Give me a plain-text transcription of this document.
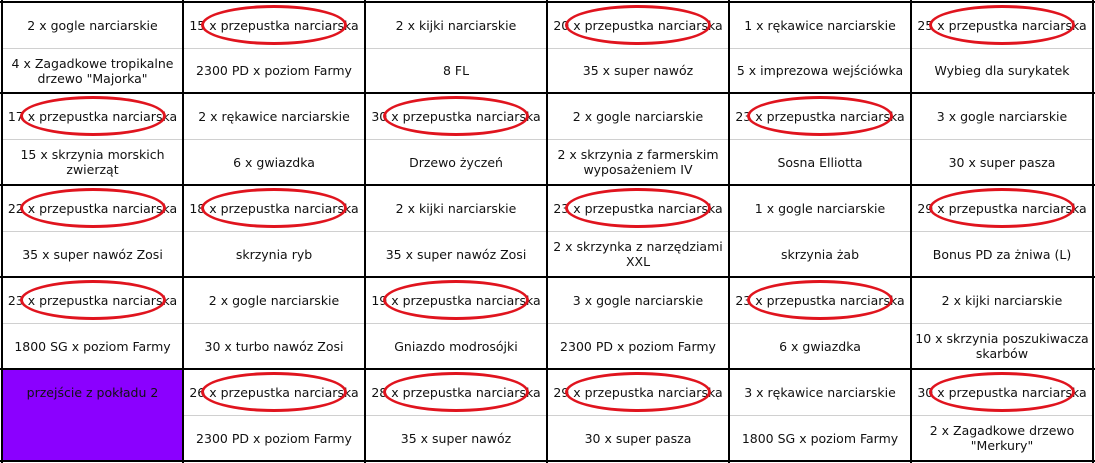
2 x gogle narciarskie
4 x Zagadkowe tropikalne drzewo "Majorka"
15 x przepustka narciarska
2300 PD x poziom Farmy
2 x kijki narciarskie
8 FL
20 x przepustka narciarska
35 x super nawóz
1 x rękawice narciarskie
5 x imprezowa wejściówka
25 x przepustka narciarska
Wybieg dla surykatek
17 x przepustka narciarska
15 x skrzynia morskich zwierząt
2 x rękawice narciarskie
6 x gwiazdka
30 x przepustka narciarska
Drzewo życzeń
2 x gogle narciarskie
2 x skrzynia z farmerskim wyposażeniem IV
23 x przepustka narciarska
Sosna Elliotta
3 x gogle narciarskie
30 x super pasza
22 x przepustka narciarska
35 x super nawóz Zosi
18 x przepustka narciarska
skrzynia ryb
2 x kijki narciarskie
35 x super nawóz Zosi
23 x przepustka narciarska
2 x skrzynka z narzędziami XXL
1 x gogle narciarskie
skrzynia żab
29 x przepustka narciarska
Bonus PD za żniwa (L)
23 x przepustka narciarska
1800 SG x poziom Farmy
2 x gogle narciarskie
30 x turbo nawóz Zosi
19 x przepustka narciarska
Gniazdo modrosójki
3 x gogle narciarskie
2300 PD x poziom Farmy
23 x przepustka narciarska
6 x gwiazdka
2 x kijki narciarskie
10 x skrzynia poszukiwacza skarbów
przejście z pokładu 2	26 x przepustka narciarska
2300 PD x poziom Farmy
28 x przepustka narciarska
35 x super nawóz
29 x przepustka narciarska
30 x super pasza
3 x rękawice narciarskie
1800 SG x poziom Farmy
30 x przepustka narciarska
2 x Zagadkowe drzewo "Merkury"
